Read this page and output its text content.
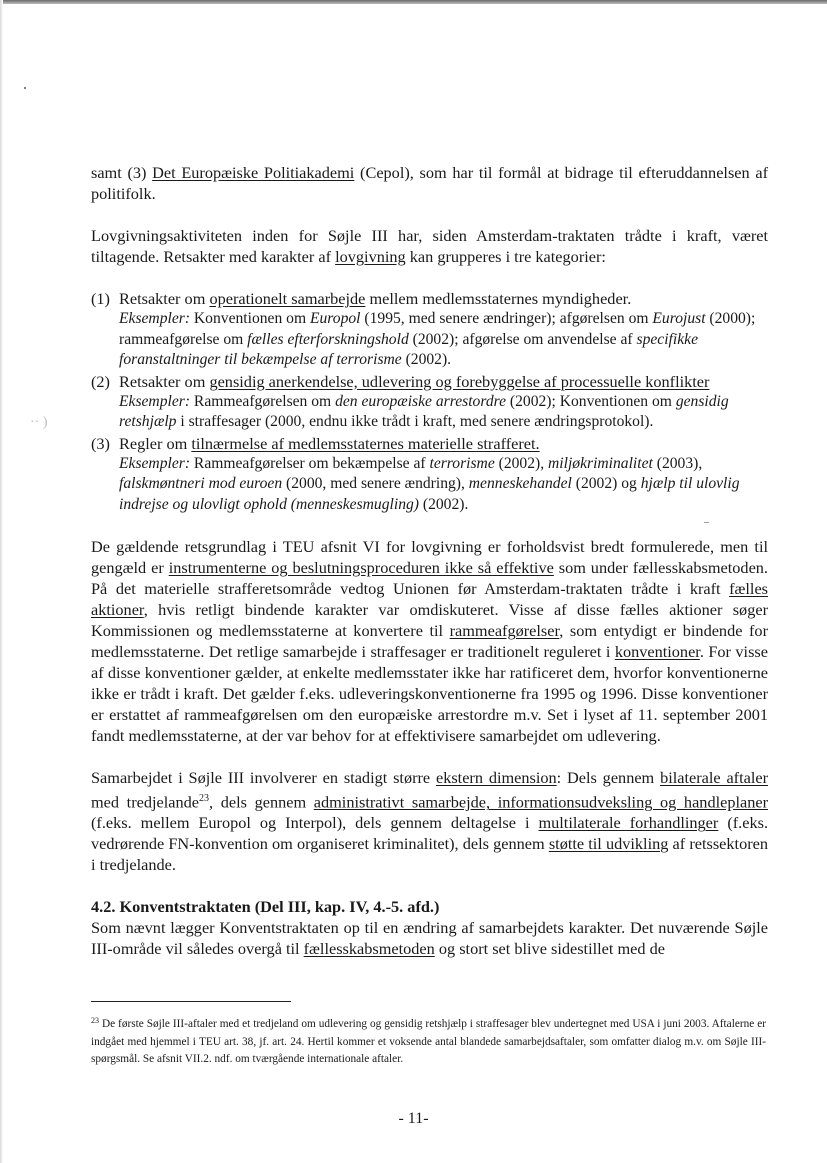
·· )
–

samt (3) Det Europæiske Politiakademi (Cepol), som har til formål at bidrage til efteruddannelsen af politifolk.

Lovgivningsaktiviteten inden for Søjle III har, siden Amsterdam-traktaten trådte i kraft, været tiltagende. Retsakter med karakter af lovgivning kan grupperes i tre kategorier:

(1) Retsakter om operationelt samarbejde mellem medlemsstaternes myndigheder.
Eksempler: Konventionen om Europol (1995, med senere ændringer); afgørelsen om Eurojust (2000); rammeafgørelse om fælles efterforskningshold (2002); afgørelse om anvendelse af specifikke foranstaltninger til bekæmpelse af terrorisme (2002).
(2) Retsakter om gensidig anerkendelse, udlevering og forebyggelse af processuelle konflikter
Eksempler: Rammeafgørelsen om den europæiske arrestordre (2002); Konventionen om gensidig retshjælp i straffesager (2000, endnu ikke trådt i kraft, med senere ændringsprotokol).
(3) Regler om tilnærmelse af medlemsstaternes materielle strafferet.
Eksempler: Rammeafgørelser om bekæmpelse af terrorisme (2002), miljøkriminalitet (2003), falskmøntneri mod euroen (2000, med senere ændring), menneskehandel (2002) og hjælp til ulovlig indrejse og ulovligt ophold (menneskesmugling) (2002).

De gældende retsgrundlag i TEU afsnit VI for lovgivning er forholdsvist bredt formulerede, men til gengæld er instrumenterne og beslutningsproceduren ikke så effektive som under fællesskabsmetoden. På det materielle strafferetsområde vedtog Unionen før Amsterdam-traktaten trådte i kraft fælles aktioner, hvis retligt bindende karakter var omdiskuteret. Visse af disse fælles aktioner søger Kommissionen og medlemsstaterne at konvertere til rammeafgørelser, som entydigt er bindende for medlemsstaterne. Det retlige samarbejde i straffesager er traditionelt reguleret i konventioner. For visse af disse konventioner gælder, at enkelte medlemsstater ikke har ratificeret dem, hvorfor konventionerne ikke er trådt i kraft. Det gælder f.eks. udleveringskonventionerne fra 1995 og 1996. Disse konventioner er erstattet af rammeafgørelsen om den europæiske arrestordre m.v. Set i lyset af 11. september 2001 fandt medlemsstaterne, at der var behov for at effektivisere samarbejdet om udlevering.

Samarbejdet i Søjle III involverer en stadigt større ekstern dimension: Dels gennem bilaterale aftaler med tredjelande$^{23}$, dels gennem administrativt samarbejde, informationsudveksling og handleplaner (f.eks. mellem Europol og Interpol), dels gennem deltagelse i multilaterale forhandlinger (f.eks. vedrørende FN-konvention om organiseret kriminalitet), dels gennem støtte til udvikling af retssektoren i tredjelande.

4.2. Konventstraktaten (Del III, kap. IV, 4.-5. afd.)

Som nævnt lægger Konventstraktaten op til en ændring af samarbejdets karakter. Det nuværende Søjle III-område vil således overgå til fællesskabsmetoden og stort set blive sidestillet med de

$^{23}$ De første Søjle III-aftaler med et tredjeland om udlevering og gensidig retshjælp i straffesager blev undertegnet med USA i juni 2003. Aftalerne er indgået med hjemmel i TEU art. 38, jf. art. 24. Hertil kommer et voksende antal blandede samarbejdsaftaler, som omfatter dialog m.v. om Søjle III-spørgsmål. Se afsnit VII.2. ndf. om tværgående internationale aftaler.
- 11-
